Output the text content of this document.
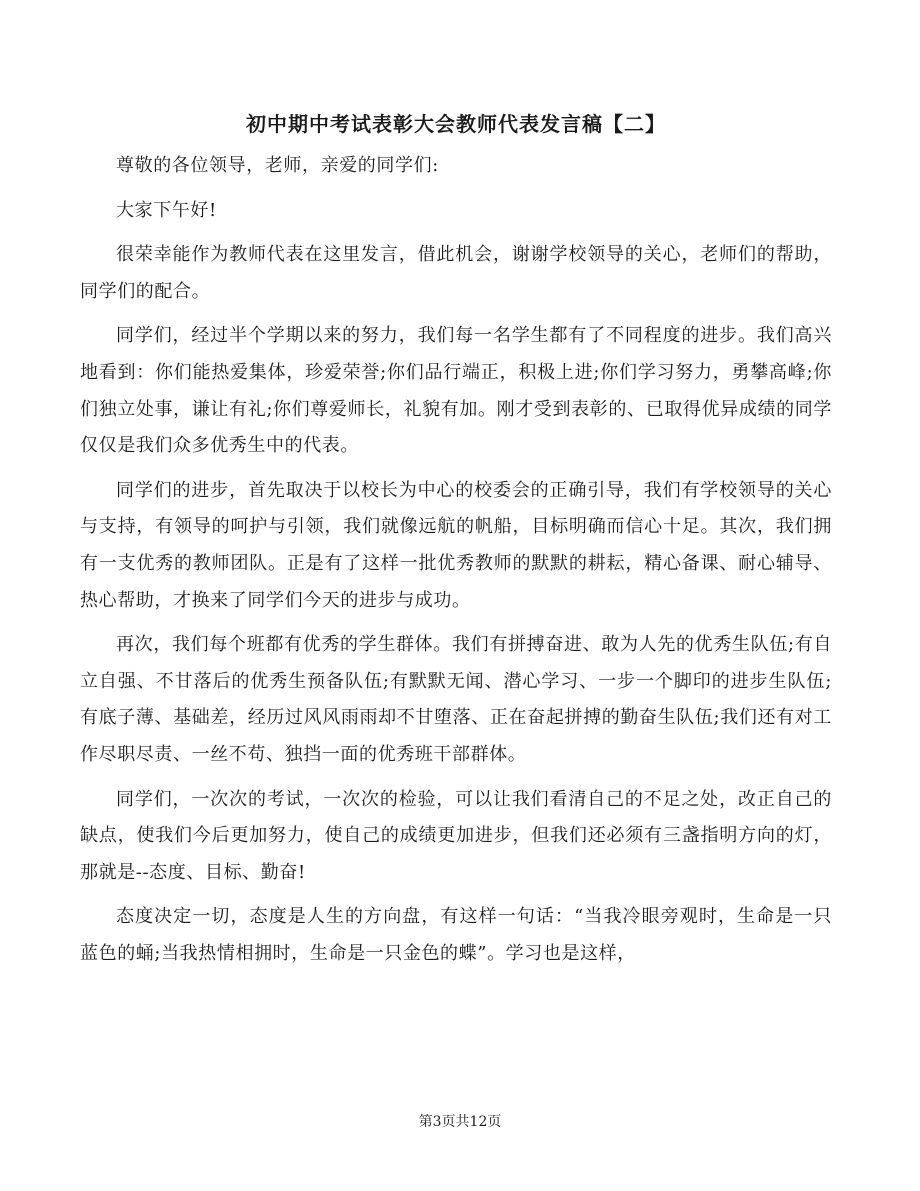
初中期中考试表彰大会教师代表发言稿【二】

尊敬的各位领导，老师，亲爱的同学们:

大家下午好!

很荣幸能作为教师代表在这里发言，借此机会，谢谢学校领导的关心，老师们的帮助，同学们的配合。

同学们，经过半个学期以来的努力，我们每一名学生都有了不同程度的进步。我们高兴地看到：你们能热爱集体，珍爱荣誉;你们品行端正，积极上进;你们学习努力，勇攀高峰;你们独立处事，谦让有礼;你们尊爱师长，礼貌有加。刚才受到表彰的、已取得优异成绩的同学仅仅是我们众多优秀生中的代表。

同学们的进步，首先取决于以校长为中心的校委会的正确引导，我们有学校领导的关心与支持，有领导的呵护与引领，我们就像远航的帆船，目标明确而信心十足。其次，我们拥有一支优秀的教师团队。正是有了这样一批优秀教师的默默的耕耘，精心备课、耐心辅导、热心帮助，才换来了同学们今天的进步与成功。

再次，我们每个班都有优秀的学生群体。我们有拼搏奋进、敢为人先的优秀生队伍;有自立自强、不甘落后的优秀生预备队伍;有默默无闻、潜心学习、一步一个脚印的进步生队伍;有底子薄、基础差，经历过风风雨雨却不甘堕落、正在奋起拼搏的勤奋生队伍;我们还有对工作尽职尽责、一丝不苟、独挡一面的优秀班干部群体。

同学们，一次次的考试，一次次的检验，可以让我们看清自己的不足之处，改正自己的缺点，使我们今后更加努力，使自己的成绩更加进步，但我们还必须有三盏指明方向的灯，那就是--态度、目标、勤奋!

态度决定一切，态度是人生的方向盘，有这样一句话：“当我冷眼旁观时，生命是一只蓝色的蛹;当我热情相拥时，生命是一只金色的蝶”。学习也是这样，

第3页共12页
